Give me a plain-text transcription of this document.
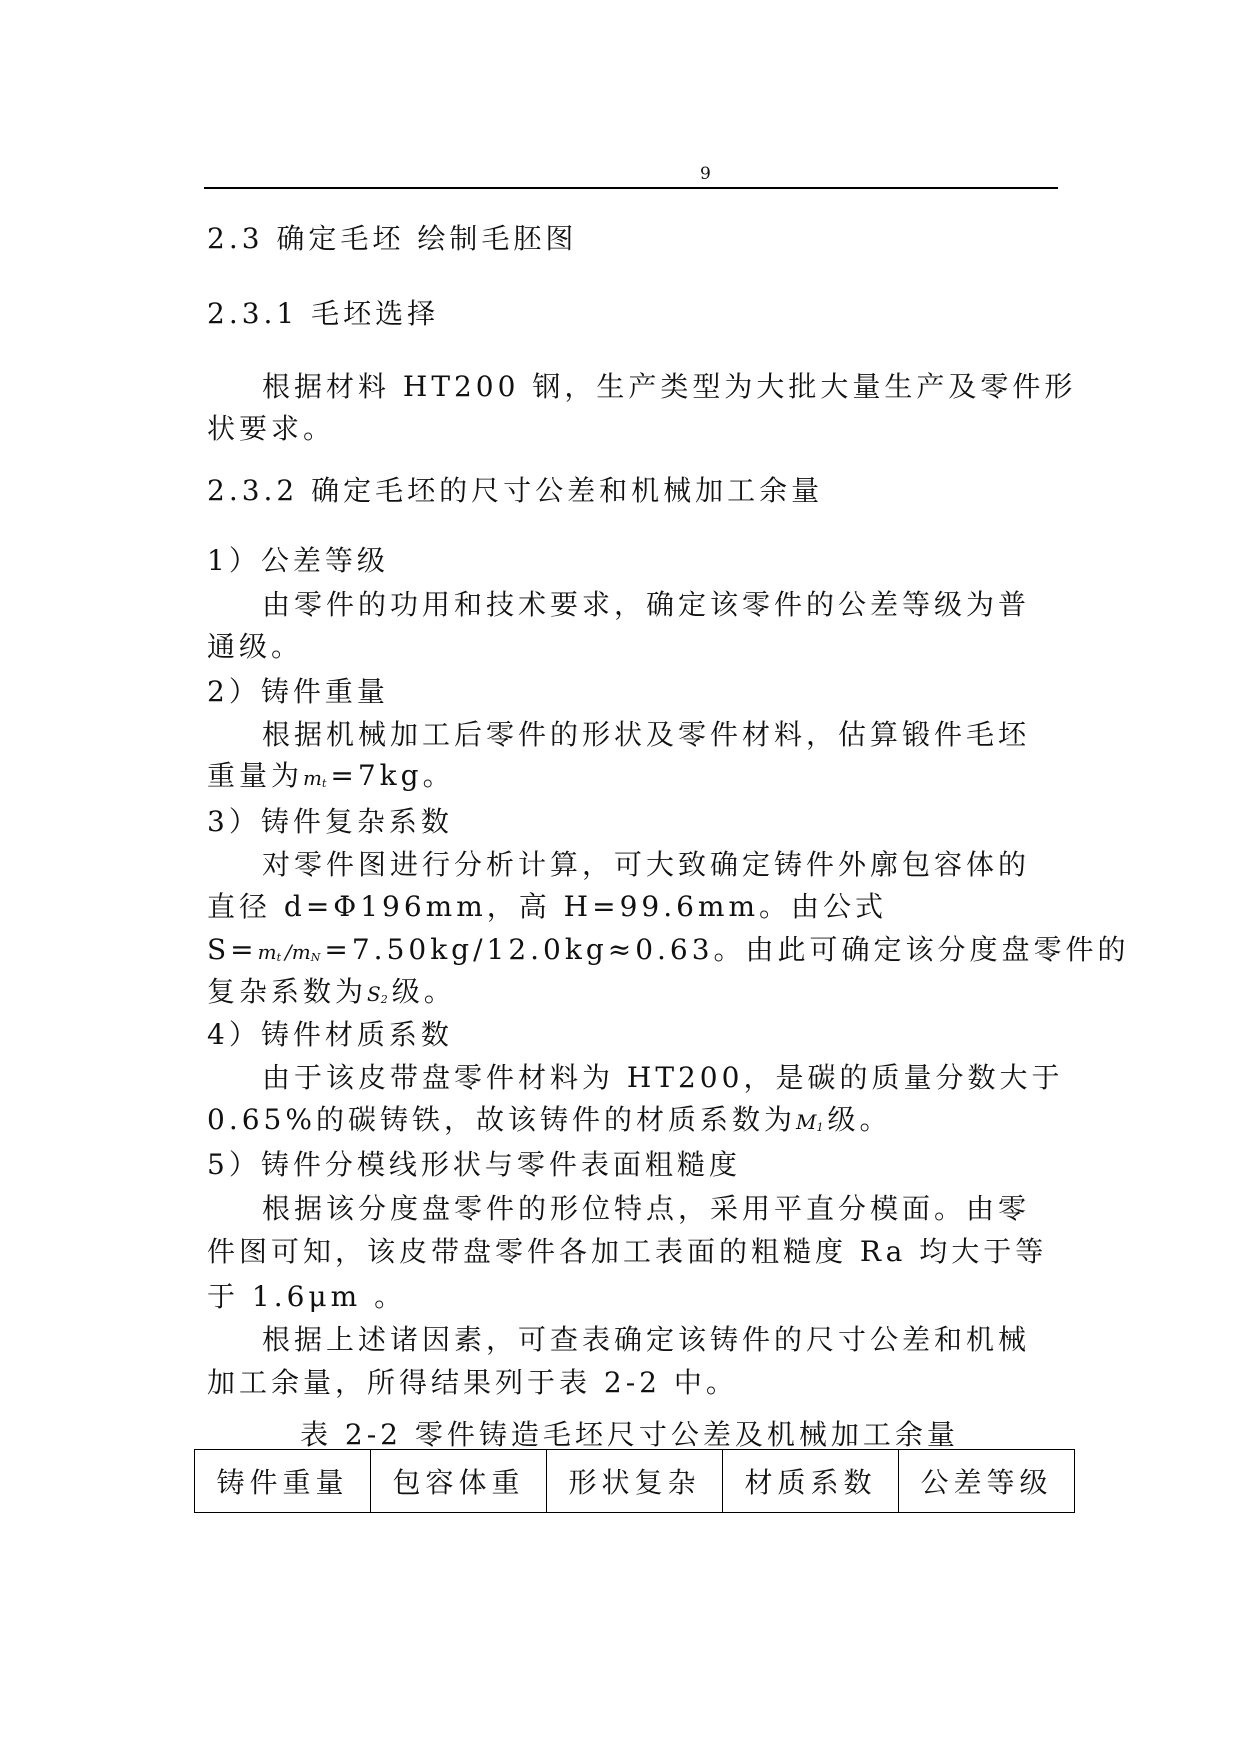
9
2.3 确定毛坯 绘制毛胚图
2.3.1 毛坯选择
根据材料 HT200 钢，生产类型为大批大量生产及零件形
状要求。
2.3.2 确定毛坯的尺寸公差和机械加工余量
1）公差等级
由零件的功用和技术要求，确定该零件的公差等级为普
通级。
2）铸件重量
根据机械加工后零件的形状及零件材料，估算锻件毛坯
重量为$m_t=7kg$。
3）铸件复杂系数
对零件图进行分析计算，可大致确定铸件外廓包容体的
直径 d=Φ196mm，高 H=99.6mm。由公式
$S=m_t/m_N=7.50kg/12.0kg\approx 0.63$。由此可确定该分度盘零件的
复杂系数为$S_2$级。
4）铸件材质系数
由于该皮带盘零件材料为 HT200，是碳的质量分数大于
0.65%的碳铸铁，故该铸件的材质系数为$M_1$级。
5）铸件分模线形状与零件表面粗糙度
根据该分度盘零件的形位特点，采用平直分模面。由零
件图可知，该皮带盘零件各加工表面的粗糙度 Ra 均大于等
于 1.6μm 。
根据上述诸因素，可查表确定该铸件的尺寸公差和机械
加工余量，所得结果列于表 2-2 中。
表 2-2 零件铸造毛坯尺寸公差及机械加工余量
铸件重量	包容体重	形状复杂	材质系数	公差等级
